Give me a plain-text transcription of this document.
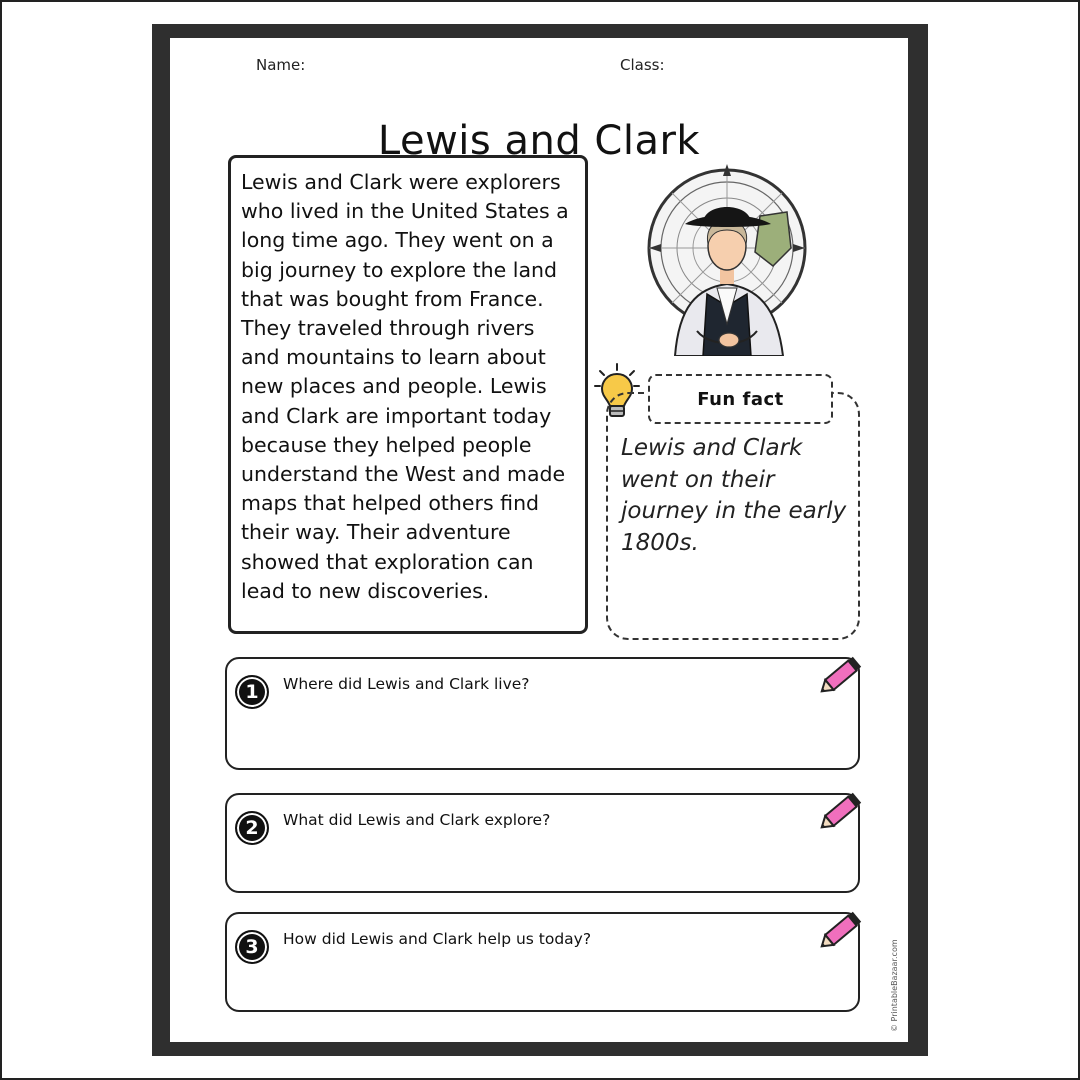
Name:	Class:
Lewis and Clark

Lewis and Clark were explorers who lived in the United States a long time ago. They went on a big journey to explore the land that was bought from France. They traveled through rivers and mountains to learn about new places and people. Lewis and Clark are important today because they helped people understand the West and made maps that helped others find their way. Their adventure showed that exploration can lead to new discoveries.

Fun fact
Lewis and Clark went on their journey in the early 1800s.
1	Where did Lewis and Clark live?
2	What did Lewis and Clark explore?
3	How did Lewis and Clark help us today?
© PrintableBazaar.com
